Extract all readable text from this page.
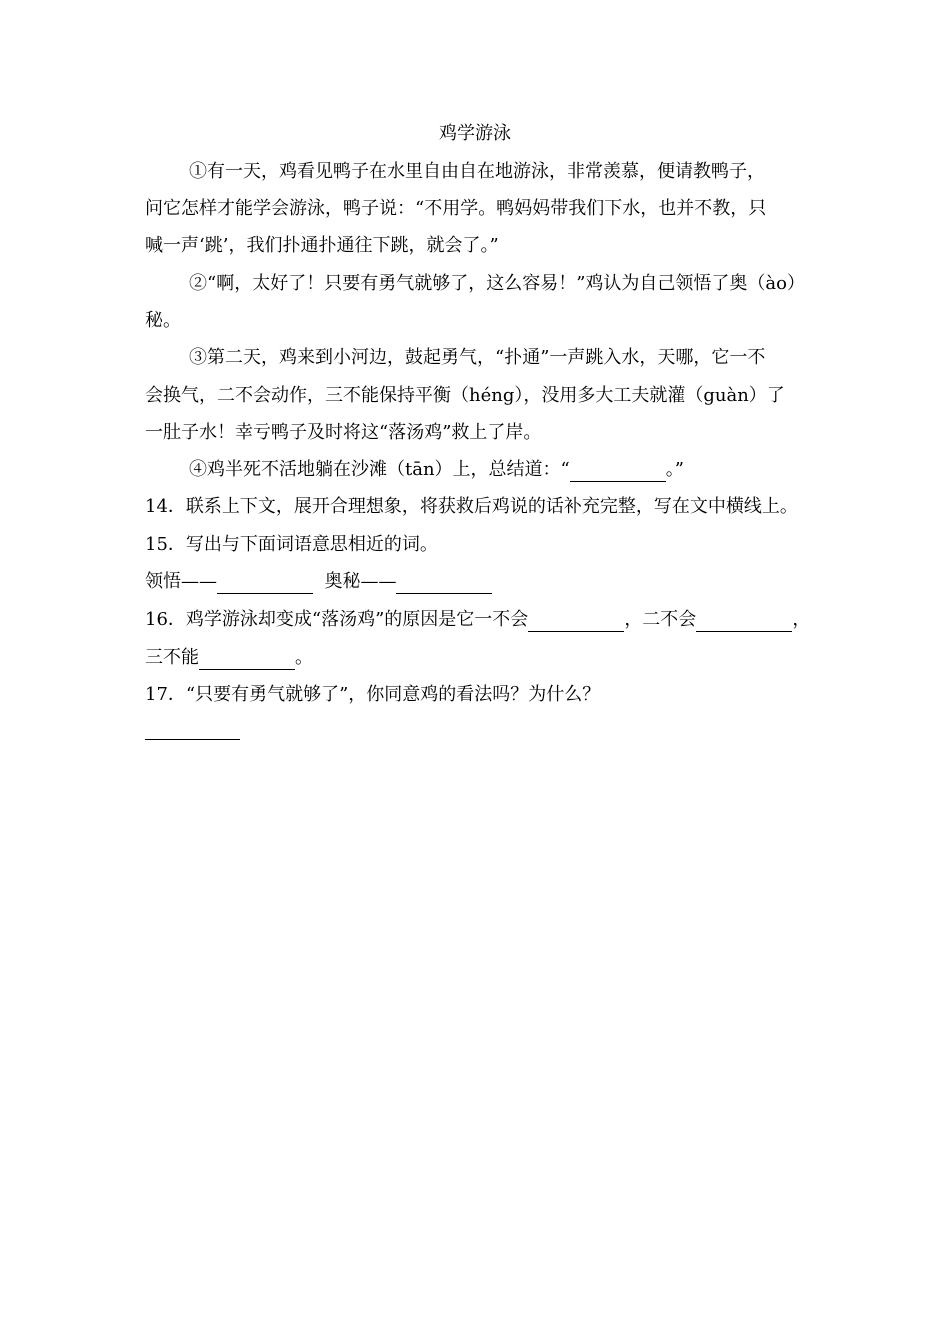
鸡学游泳
①有一天，鸡看见鸭子在水里自由自在地游泳，非常羡慕，便请教鸭子，
问它怎样才能学会游泳，鸭子说：“不用学。鸭妈妈带我们下水，也并不教，只
喊一声‘跳’，我们扑通扑通往下跳，就会了。”
②“啊，太好了！只要有勇气就够了，这么容易！”鸡认为自己领悟了奥（ào）
秘。
③第二天，鸡来到小河边，鼓起勇气，“扑通”一声跳入水，天哪，它一不
会换气，二不会动作，三不能保持平衡（héng），没用多大工夫就灌（guàn）了
一肚子水！幸亏鸭子及时将这“落汤鸡”救上了岸。
④鸡半死不活地躺在沙滩（tān）上，总结道：“	。”
14．联系上下文，展开合理想象，将获救后鸡说的话补充完整，写在文中横线上。
15．写出与下面词语意思相近的词。
领悟——	奥秘——
16．鸡学游泳却变成“落汤鸡”的原因是它一不会	，二不会	，
三不能	。
17．“只要有勇气就够了”，你同意鸡的看法吗？为什么？
